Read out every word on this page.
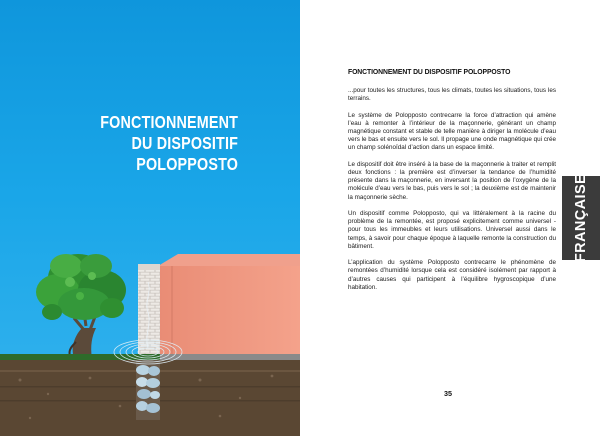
FONCTIONNEMENT
DU DISPOSITIF
POLOPPOSTO
FONCTIONNEMENT DU DISPOSITIF POLOPPOSTO

...pour toutes les structures, tous les climats, toutes les situations, tous les terrains.

Le système de Polopposto contrecarre la force d’attraction qui amène l’eau à remonter à l’intérieur de la maçonnerie, générant un champ magnétique constant et stable de telle manière à diriger la molécule d’eau vers le bas et ensuite vers le sol. Il propage une onde magnétique qui crée un champ solénoïdal d’action dans un espace limité.

Le dispositif doit être inséré à la base de la maçonnerie à traiter et remplit deux fonctions : la première est d’inverser la tendance de l’humidité présente dans la maçonnerie, en inversant la position de l’oxygène de la molécule d’eau vers le bas, puis vers le sol ; la deuxième est de maintenir la maçonnerie sèche.

Un dispositif comme Polopposto, qui va littéralement à la racine du problème de la remontée, est proposé explicitement comme universel - pour tous les immeubles et leurs utilisations. Universel aussi dans le temps, à savoir pour chaque époque à laquelle remonte la construction du bâtiment.

L’application du système Polopposto contrecarre le phénomène de remontées d’humidité lorsque cela est considéré isolément par rapport à d’autres causes qui participent à l’équilibre hygroscopique d’une habitation.

35
FRANÇAISE
